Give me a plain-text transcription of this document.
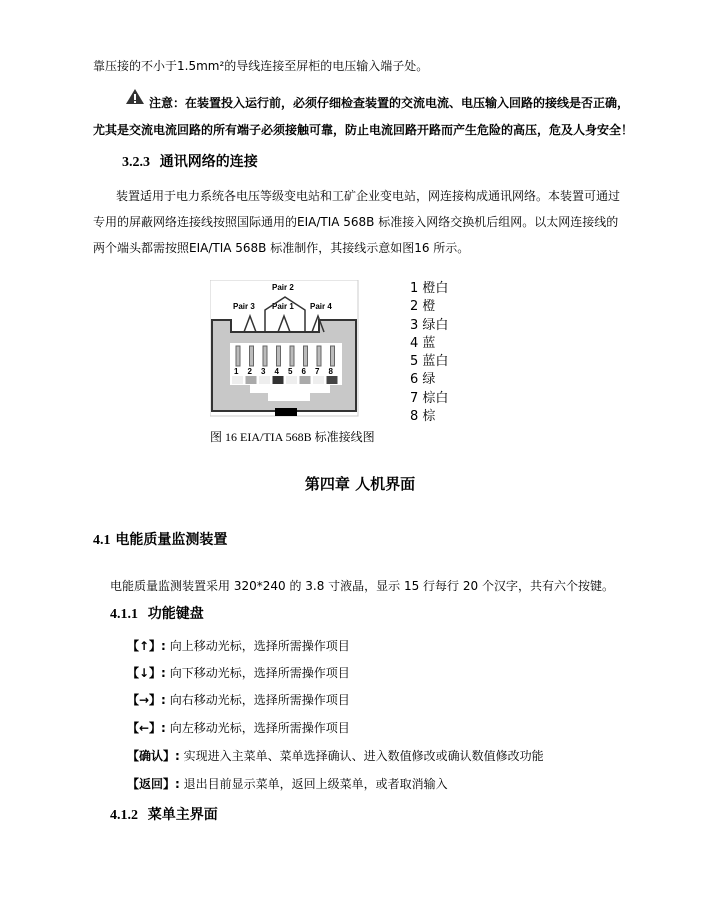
靠压接的不小于1.5mm²的导线连接至屏柜的电压输入端子处。
注意：在装置投入运行前，必须仔细检查装置的交流电流、电压输入回路的接线是否正确，
尤其是交流电流回路的所有端子必须接触可靠，防止电流回路开路而产生危险的高压，危及人身安全！
3.2.3 通讯网络的连接
装置适用于电力系统各电压等级变电站和工矿企业变电站，网连接构成通讯网络。本装置可通过
专用的屏蔽网络连接线按照国际通用的EIA/TIA 568B 标准接入网络交换机后组网。以太网连接线的
两个端头都需按照EIA/TIA 568B 标准制作，其接线示意如图16 所示。
Pair 2
Pair 3 Pair 1 Pair 4
1 2 3 4 5 6 7 8
1 橙白
2 橙
3 绿白
4 蓝
5 蓝白
6 绿
7 棕白
8 棕
图 16 EIA/TIA 568B 标准接线图
第四章 人机界面
4.1 电能质量监测装置
电能质量监测装置采用 320*240 的 3.8 寸液晶，显示 15 行每行 20 个汉字，共有六个按键。
4.1.1 功能键盘
【↑】: 向上移动光标，选择所需操作项目
【↓】: 向下移动光标，选择所需操作项目
【→】: 向右移动光标，选择所需操作项目
【←】: 向左移动光标，选择所需操作项目
【确认】: 实现进入主菜单、菜单选择确认、进入数值修改或确认数值修改功能
【返回】: 退出目前显示菜单，返回上级菜单，或者取消输入
4.1.2 菜单主界面
